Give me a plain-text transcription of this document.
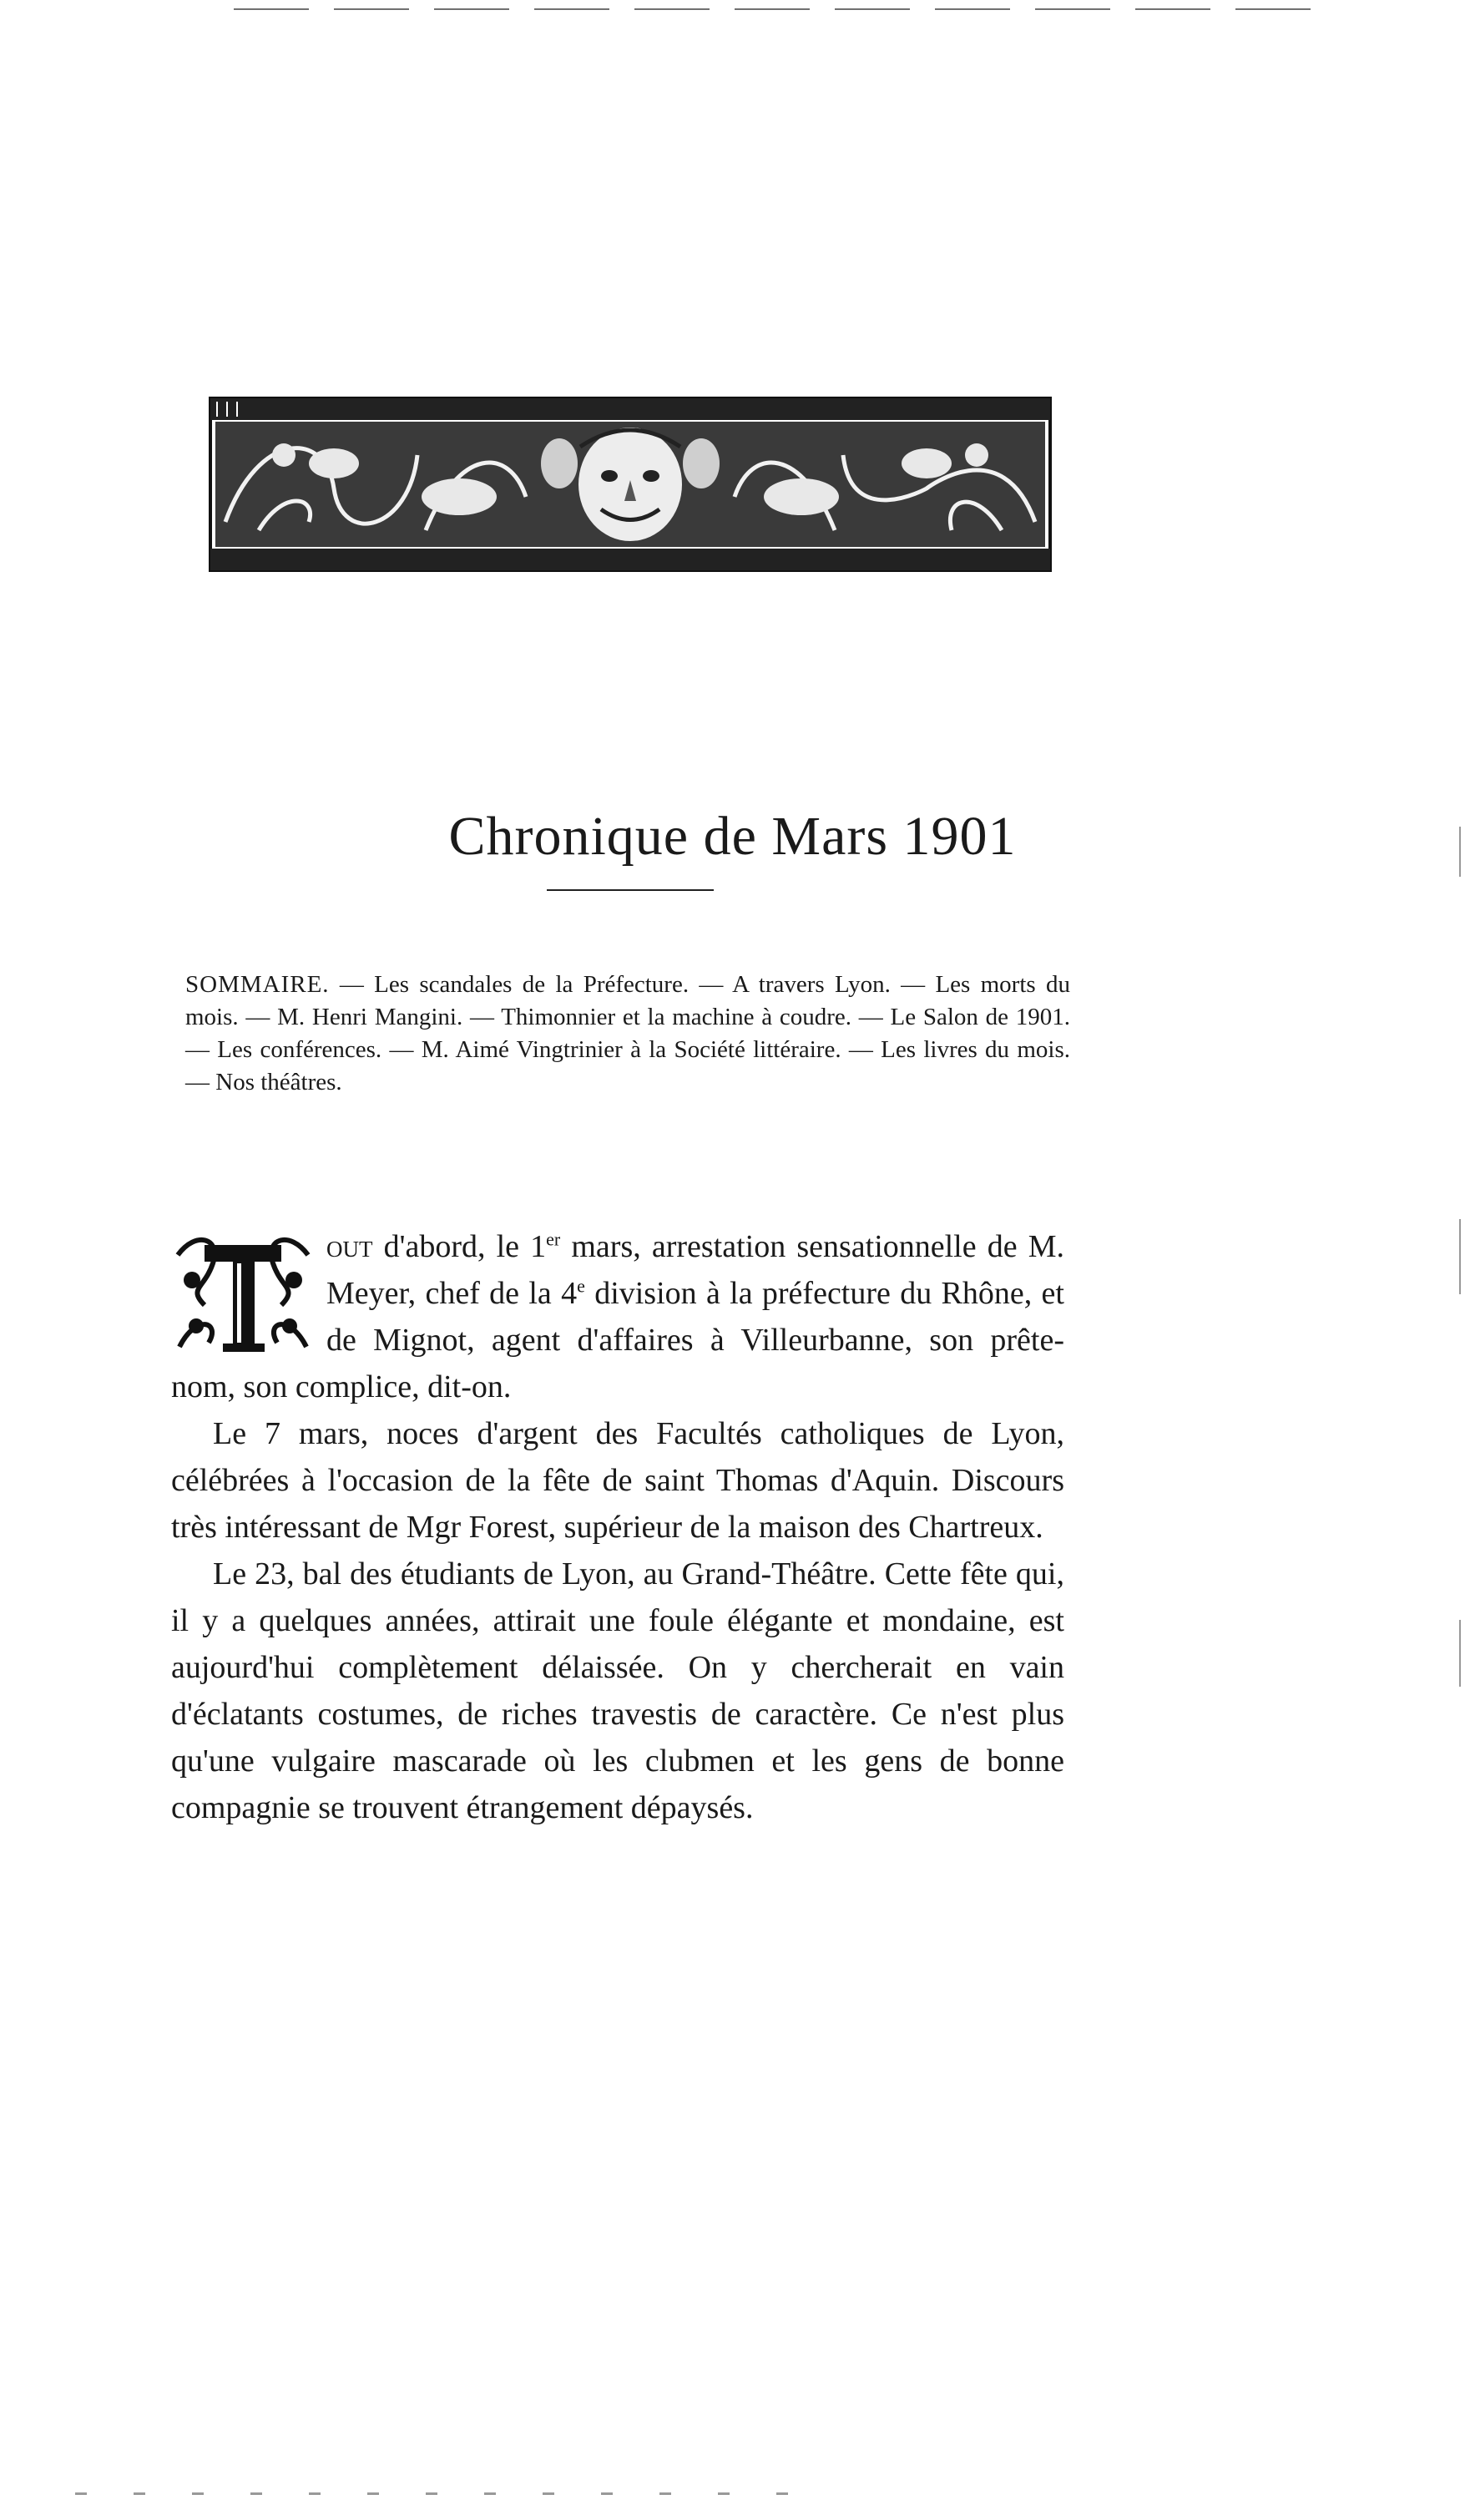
Chronique de Mars 1901
SOMMAIRE. — Les scandales de la Préfecture. — A travers Lyon. — Les morts du mois. — M. Henri Mangini. — Thimonnier et la machine à coudre. — Le Salon de 1901. — Les conférences. — M. Aimé Vingtrinier à la Société littéraire. — Les livres du mois. — Nos théâtres.

out d'abord, le 1er mars, arrestation sensationnelle de M. Meyer, chef de la 4e division à la préfecture du Rhône, et de Mignot, agent d'affaires à Villeurbanne, son prête-nom, son complice, dit-on.

Le 7 mars, noces d'argent des Facultés catholiques de Lyon, célébrées à l'occasion de la fête de saint Thomas d'Aquin. Discours très intéressant de Mgr Forest, supérieur de la maison des Chartreux.

Le 23, bal des étudiants de Lyon, au Grand-Théâtre. Cette fête qui, il y a quelques années, attirait une foule élégante et mondaine, est aujourd'hui complètement délaissée. On y chercherait en vain d'éclatants costumes, de riches travestis de caractère. Ce n'est plus qu'une vulgaire mascarade où les clubmen et les gens de bonne compagnie se trouvent étrangement dépaysés.
